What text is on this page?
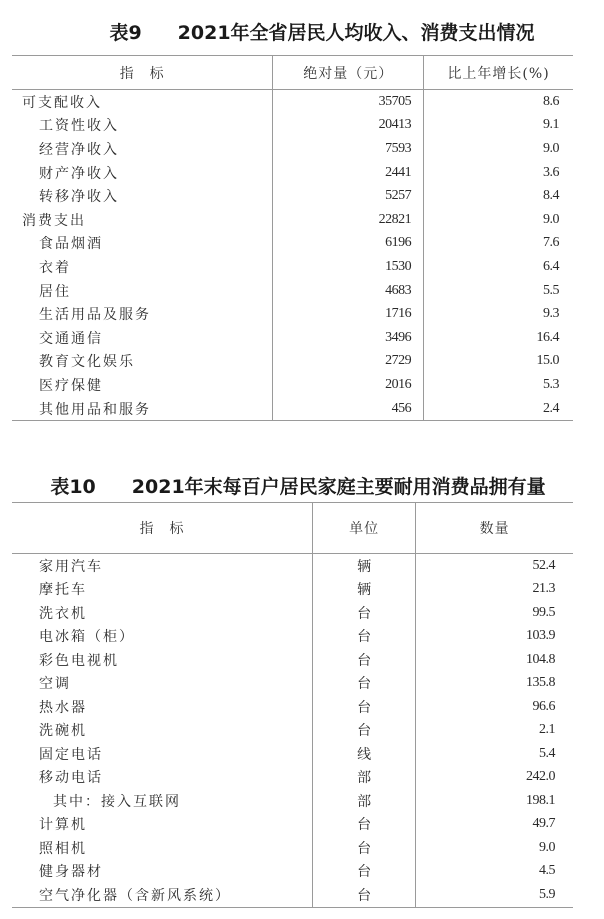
表9 2021年全省居民人均收入、消费支出情况
指　标	绝对量（元）	比上年增长(%)
可支配收入	35705	8.6
工资性收入	20413	9.1
经营净收入	7593	9.0
财产净收入	2441	3.6
转移净收入	5257	8.4
消费支出	22821	9.0
食品烟酒	6196	7.6
衣着	1530	6.4
居住	4683	5.5
生活用品及服务	1716	9.3
交通通信	3496	16.4
教育文化娱乐	2729	15.0
医疗保健	2016	5.3
其他用品和服务	456	2.4
表10 2021年末每百户居民家庭主要耐用消费品拥有量
指　标	单位	数量
家用汽车	辆	52.4
摩托车	辆	21.3
洗衣机	台	99.5
电冰箱（柜）	台	103.9
彩色电视机	台	104.8
空调	台	135.8
热水器	台	96.6
洗碗机	台	2.1
固定电话	线	5.4
移动电话	部	242.0
其中：接入互联网	部	198.1
计算机	台	49.7
照相机	台	9.0
健身器材	台	4.5
空气净化器（含新风系统）	台	5.9
